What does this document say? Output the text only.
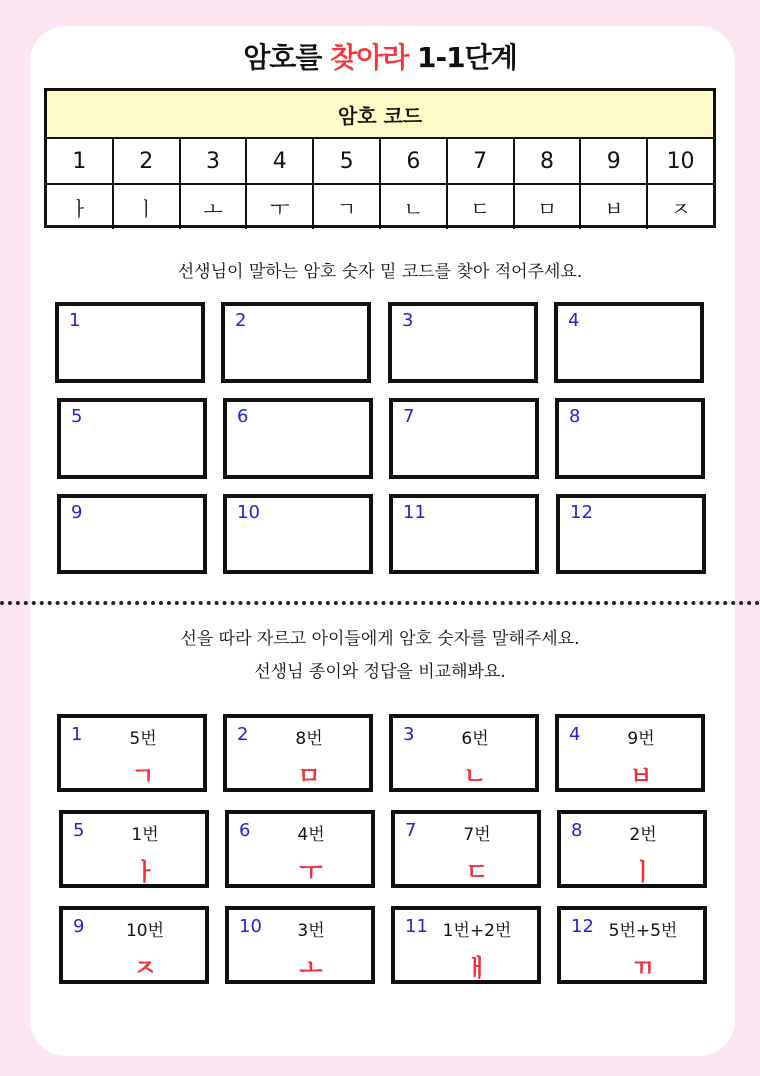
암호를 찾아라 1-1단계
암호 코드
1	2	3	4	5	6	7	8	9	10
ㅏ	ㅣ	ㅗ	ㅜ	ㄱ	ㄴ	ㄷ	ㅁ	ㅂ	ㅈ
선생님이 말하는 암호 숫자 밑 코드를 찾아 적어주세요.
1	2	3	4
5	6	7	8
9	10	11	12
선을 따라 자르고 아이들에게 암호 숫자를 말해주세요.
선생님 종이와 정답을 비교해봐요.
1	5번
ㄱ
2	8번
ㅁ
3	6번
ㄴ
4	9번
ㅂ
5	1번
ㅏ
6	4번
ㅜ
7	7번
ㄷ
8	2번
ㅣ
9	10번
ㅈ
10	3번
ㅗ
11 1번+2번
ㅐ
12 5번+5번
ㄲ
